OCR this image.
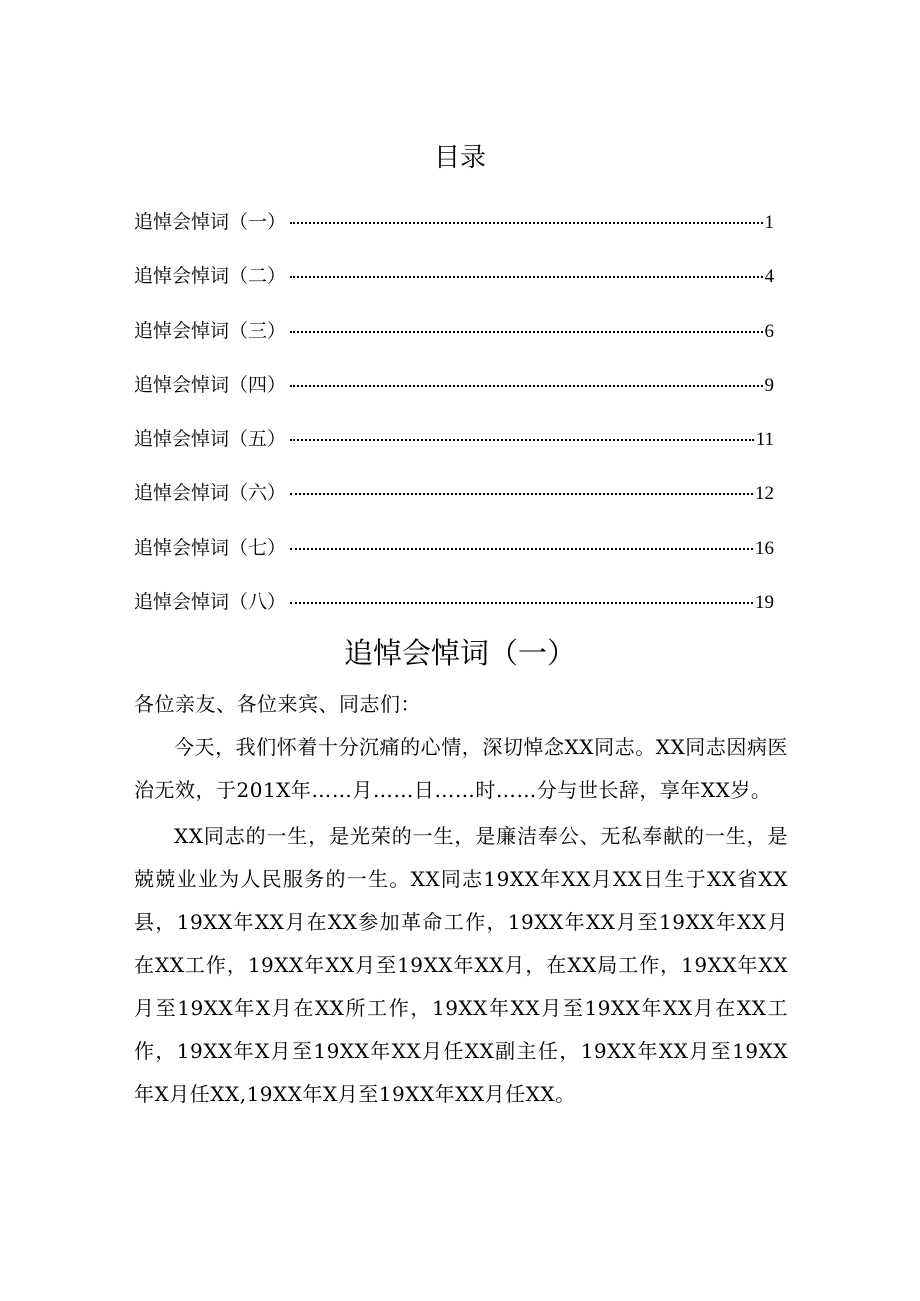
目录
追悼会悼词（一）	1
追悼会悼词（二）	4
追悼会悼词（三）	6
追悼会悼词（四）	9
追悼会悼词（五）	11
追悼会悼词（六）	12
追悼会悼词（七）	16
追悼会悼词（八）	19
追悼会悼词（一）

各位亲友、各位来宾、同志们：

今天，我们怀着十分沉痛的心情，深切悼念XX同志。XX同志因病医治无效，于201X年……月……日……时……分与世长辞，享年XX岁。

XX同志的一生，是光荣的一生，是廉洁奉公、无私奉献的一生，是兢兢业业为人民服务的一生。XX同志19XX年XX月XX日生于XX省XX县，19XX年XX月在XX参加革命工作，19XX年XX月至19XX年XX月在XX工作，19XX年XX月至19XX年XX月，在XX局工作，19XX年XX月至19XX年X月在XX所工作，19XX年XX月至19XX年XX月在XX工作，19XX年X月至19XX年XX月任XX副主任，19XX年XX月至19XX年X月任XX,19XX年X月至19XX年XX月任XX。
